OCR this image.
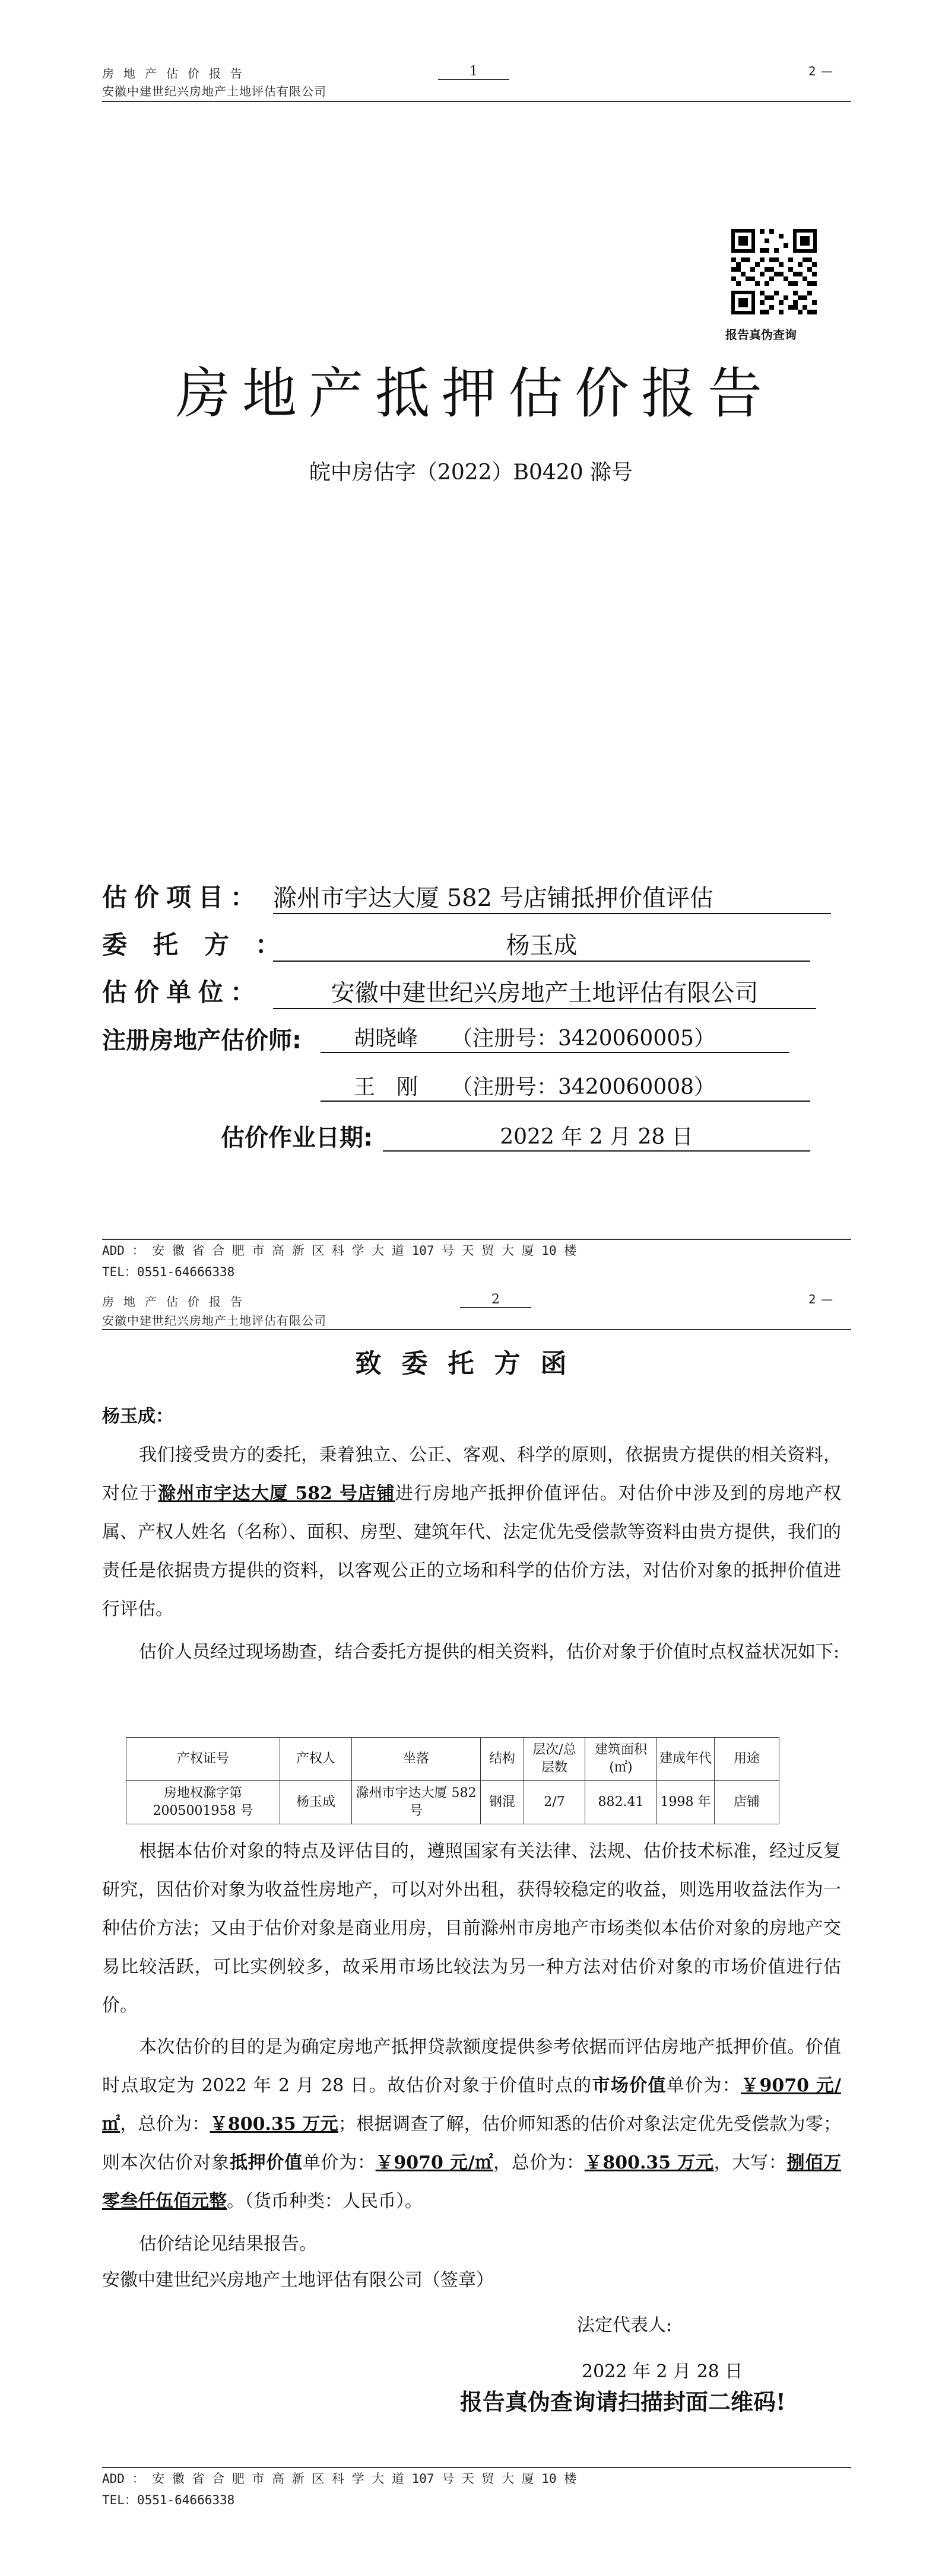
房地产估价报告
安徽中建世纪兴房地产土地评估有限公司
1	2 —
报告真伪查询
房地产抵押估价报告
皖中房估字（2022）B0420 滁号
估价项目： 滁州市宇达大厦 582 号店铺抵押价值评估
委托方：	杨玉成
估价单位：	安徽中建世纪兴房地产土地评估有限公司
注册房地产估价师:	胡晓峰	（注册号：3420060005）
王　刚	（注册号：3420060008）
估价作业日期:	2022 年 2 月 28 日
ADD ： 安 徽 省 合 肥 市 高 新 区 科 学 大 道 107 号 天 贸 大 厦 10 楼
TEL：0551-64666338
房地产估价报告
安徽中建世纪兴房地产土地评估有限公司
2	2 —
致委托方函
杨玉成：
我们接受贵方的委托，秉着独立、公正、客观、科学的原则，依据贵方提供的相关资料，对位于滁州市宇达大厦 582 号店铺进行房地产抵押价值评估。对估价中涉及到的房地产权属、产权人姓名（名称）、面积、房型、建筑年代、法定优先受偿款等资料由贵方提供，我们的责任是依据贵方提供的资料，以客观公正的立场和科学的估价方法，对估价对象的抵押价值进行评估。
估价人员经过现场勘查，结合委托方提供的相关资料，估价对象于价值时点权益状况如下:
产权证号	产权人	坐落	结构	层次/总层数	建筑面积(㎡)	建成年代	用途
房地权滁字第 2005001958 号	杨玉成	滁州市宇达大厦 582 号	钢混	2/7	882.41	1998 年	店铺
根据本估价对象的特点及评估目的，遵照国家有关法律、法规、估价技术标准，经过反复研究，因估价对象为收益性房地产，可以对外出租，获得较稳定的收益，则选用收益法作为一种估价方法；又由于估价对象是商业用房，目前滁州市房地产市场类似本估价对象的房地产交易比较活跃，可比实例较多，故采用市场比较法为另一种方法对估价对象的市场价值进行估价。
本次估价的目的是为确定房地产抵押贷款额度提供参考依据而评估房地产抵押价值。价值时点取定为 2022 年 2 月 28 日。故估价对象于价值时点的市场价值单价为：￥9070 元/㎡，总价为：￥800.35 万元；根据调查了解，估价师知悉的估价对象法定优先受偿款为零；则本次估价对象抵押价值单价为：￥9070 元/㎡，总价为：￥800.35 万元，大写：捌佰万零叁仟伍佰元整。（货币种类：人民币）。
估价结论见结果报告。
安徽中建世纪兴房地产土地评估有限公司（签章）
法定代表人:
2022 年 2 月 28 日
报告真伪查询请扫描封面二维码!
ADD ： 安 徽 省 合 肥 市 高 新 区 科 学 大 道 107 号 天 贸 大 厦 10 楼
TEL：0551-64666338
